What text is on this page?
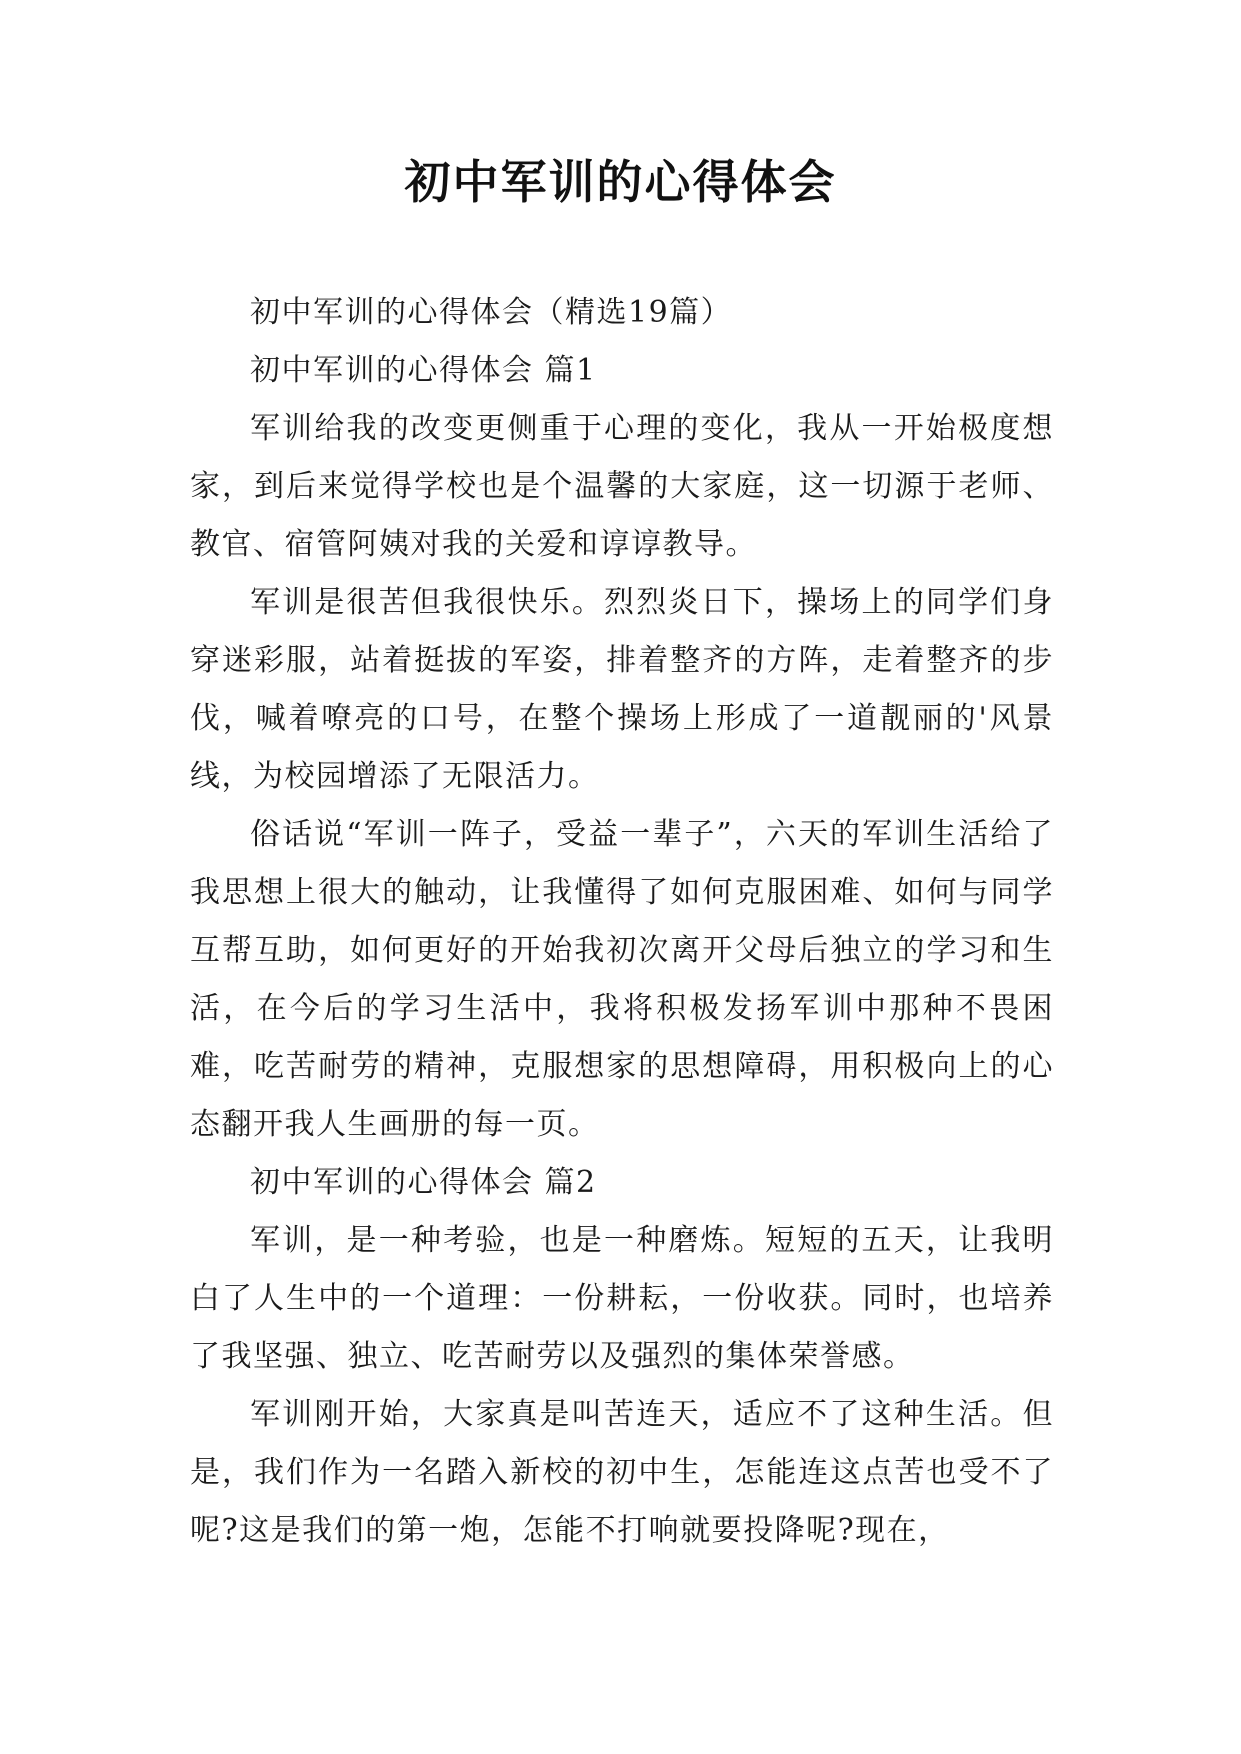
初中军训的心得体会

初中军训的心得体会（精选19篇）

初中军训的心得体会 篇1

军训给我的改变更侧重于心理的变化，我从一开始极度想家，到后来觉得学校也是个温馨的大家庭，这一切源于老师、教官、宿管阿姨对我的关爱和谆谆教导。

军训是很苦但我很快乐。烈烈炎日下，操场上的同学们身穿迷彩服，站着挺拔的军姿，排着整齐的方阵，走着整齐的步伐，喊着嘹亮的口号，在整个操场上形成了一道靓丽的'风景线，为校园增添了无限活力。

俗话说“军训一阵子，受益一辈子”，六天的军训生活给了我思想上很大的触动，让我懂得了如何克服困难、如何与同学互帮互助，如何更好的开始我初次离开父母后独立的学习和生活，在今后的学习生活中，我将积极发扬军训中那种不畏困难，吃苦耐劳的精神，克服想家的思想障碍，用积极向上的心态翻开我人生画册的每一页。

初中军训的心得体会 篇2

军训，是一种考验，也是一种磨炼。短短的五天，让我明白了人生中的一个道理：一份耕耘，一份收获。同时，也培养了我坚强、独立、吃苦耐劳以及强烈的集体荣誉感。

军训刚开始，大家真是叫苦连天，适应不了这种生活。但是，我们作为一名踏入新校的初中生，怎能连这点苦也受不了呢?这是我们的第一炮，怎能不打响就要投降呢?现在，
